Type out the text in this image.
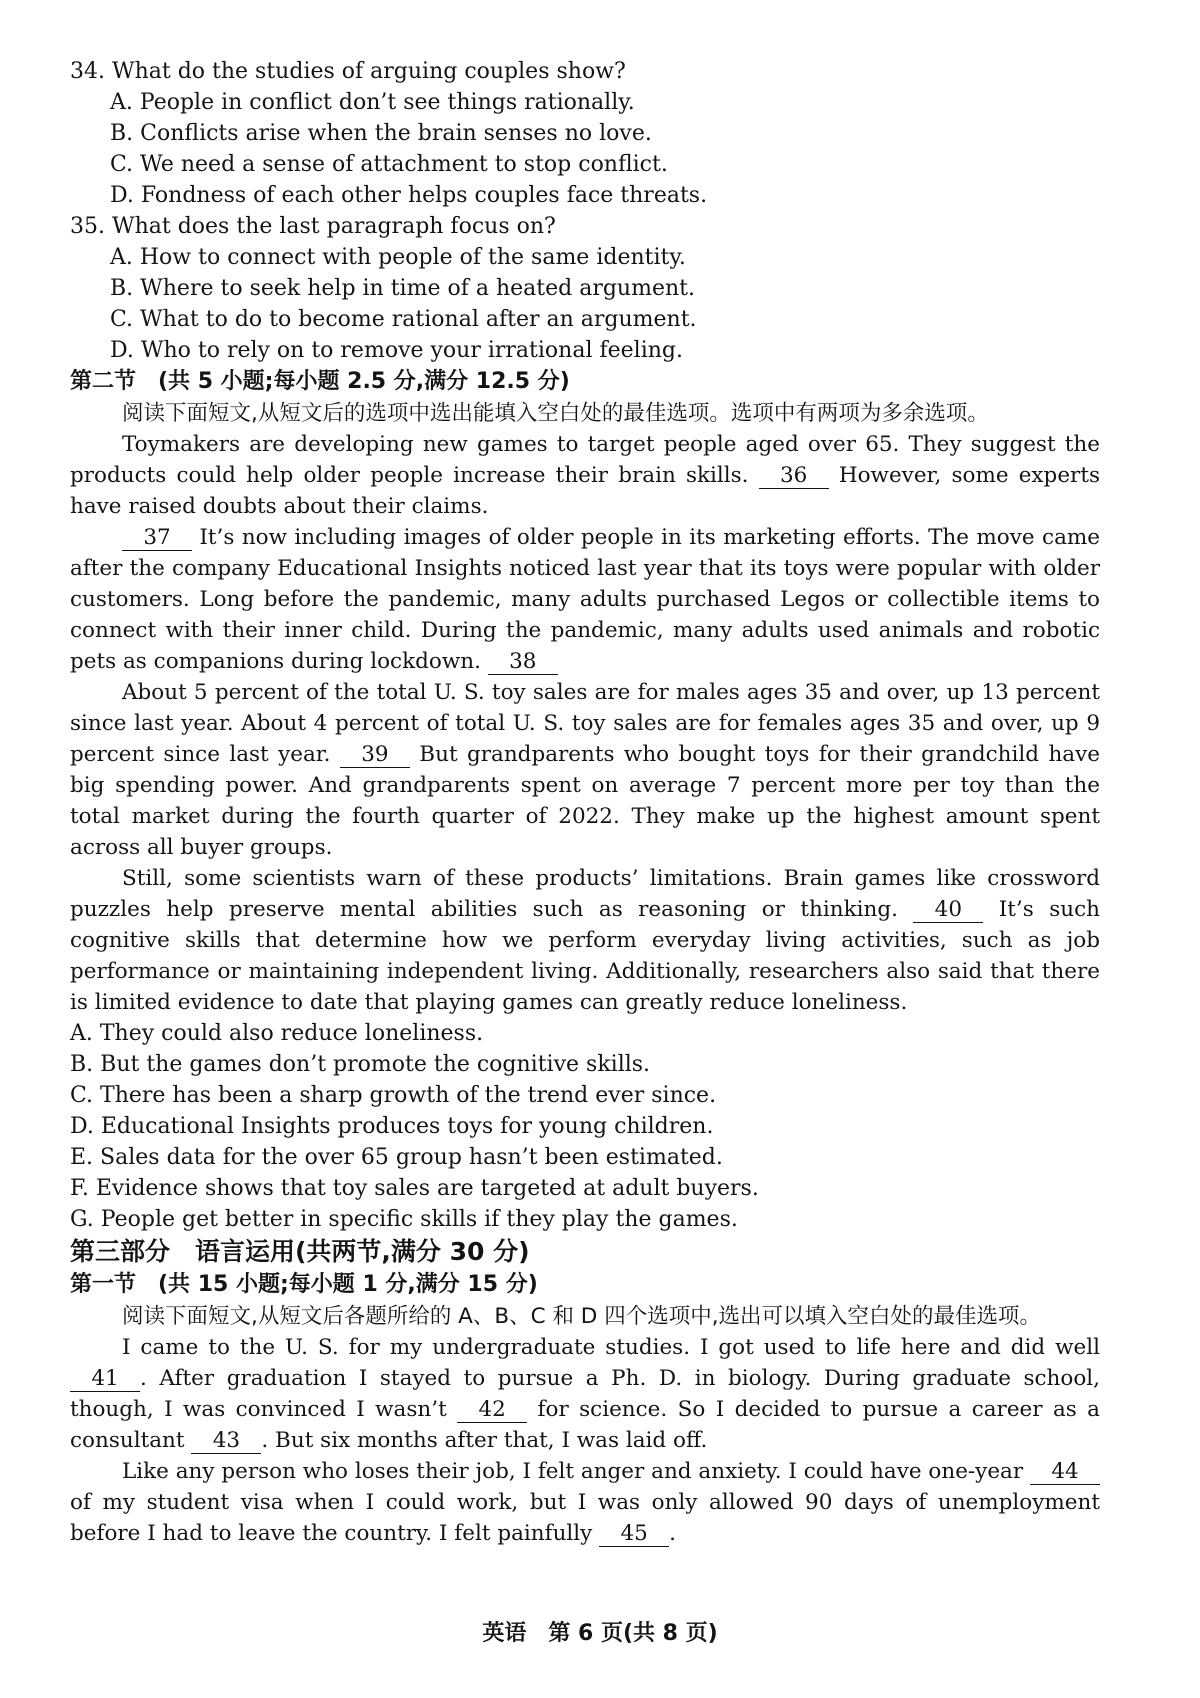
34. What do the studies of arguing couples show?

A. People in conflict don’t see things rationally.

B. Conflicts arise when the brain senses no love.

C. We need a sense of attachment to stop conflict.

D. Fondness of each other helps couples face threats.

35. What does the last paragraph focus on?

A. How to connect with people of the same identity.

B. Where to seek help in time of a heated argument.

C. What to do to become rational after an argument.

D. Who to rely on to remove your irrational feeling.

第二节　(共 5 小题;每小题 2.5 分,满分 12.5 分)

阅读下面短文,从短文后的选项中选出能填入空白处的最佳选项。选项中有两项为多余选项。

Toymakers are developing new games to target people aged over 65. They suggest the products could help older people increase their brain skills. 36 However, some experts have raised doubts about their claims.

37 It’s now including images of older people in its marketing efforts. The move came after the company Educational Insights noticed last year that its toys were popular with older customers. Long before the pandemic, many adults purchased Legos or collectible items to connect with their inner child. During the pandemic, many adults used animals and robotic pets as companions during lockdown. 38

About 5 percent of the total U. S. toy sales are for males ages 35 and over, up 13 percent since last year. About 4 percent of total U. S. toy sales are for females ages 35 and over, up 9 percent since last year. 39 But grandparents who bought toys for their grandchild have big spending power. And grandparents spent on average 7 percent more per toy than the total market during the fourth quarter of 2022. They make up the highest amount spent across all buyer groups.

Still, some scientists warn of these products’ limitations. Brain games like crossword puzzles help preserve mental abilities such as reasoning or thinking. 40 It’s such cognitive skills that determine how we perform everyday living activities, such as job performance or maintaining independent living. Additionally, researchers also said that there is limited evidence to date that playing games can greatly reduce loneliness.

A. They could also reduce loneliness.

B. But the games don’t promote the cognitive skills.

C. There has been a sharp growth of the trend ever since.

D. Educational Insights produces toys for young children.

E. Sales data for the over 65 group hasn’t been estimated.

F. Evidence shows that toy sales are targeted at adult buyers.

G. People get better in specific skills if they play the games.

第三部分　语言运用(共两节,满分 30 分)

第一节　(共 15 小题;每小题 1 分,满分 15 分)

阅读下面短文,从短文后各题所给的 A、B、C 和 D 四个选项中,选出可以填入空白处的最佳选项。

I came to the U. S. for my undergraduate studies. I got used to life here and did well 41 . After graduation I stayed to pursue a Ph. D. in biology. During graduate school, though, I was convinced I wasn’t 42 for science. So I decided to pursue a career as a consultant 43 . But six months after that, I was laid off.

Like any person who loses their job, I felt anger and anxiety. I could have one-year 44 of my student visa when I could work, but I was only allowed 90 days of unemployment before I had to leave the country. I felt painfully 45 .

英语　第 6 页(共 8 页)
